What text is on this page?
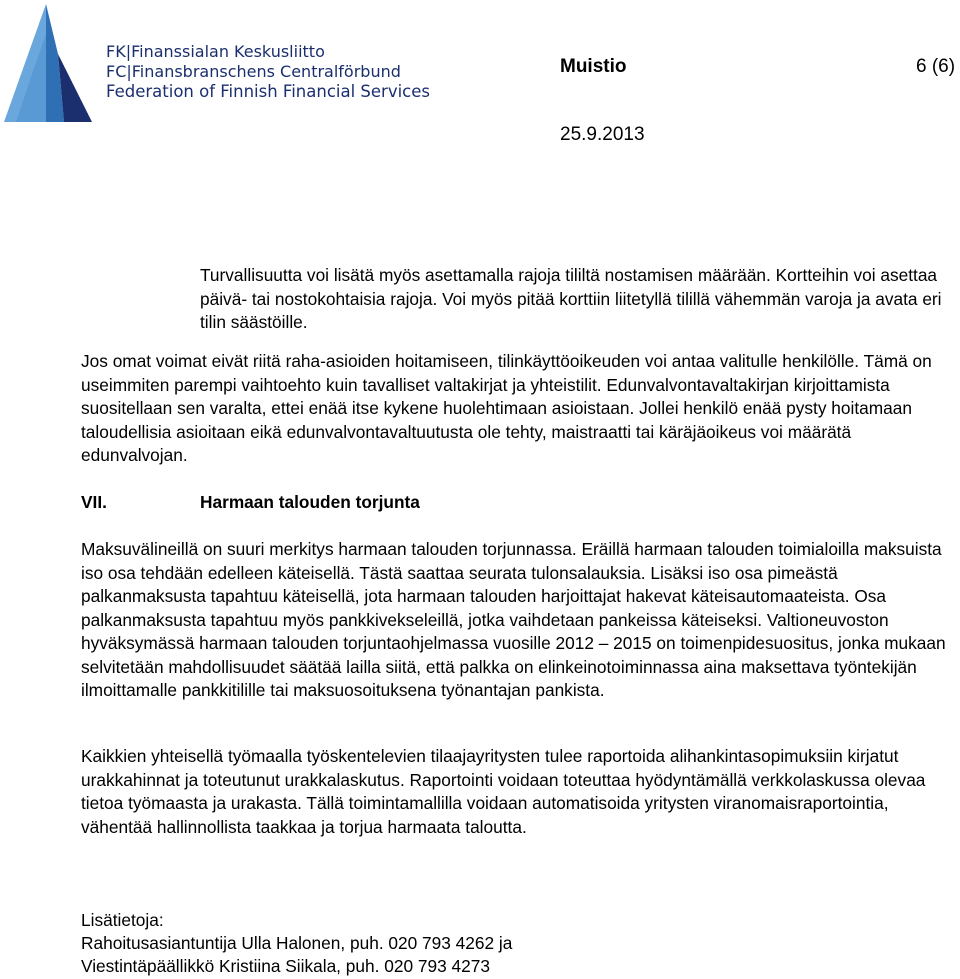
FK|Finanssialan Keskusliitto
FC|Finansbranschens Centralförbund
Federation of Finnish Financial Services
Muistio	6 (6)
25.9.2013

Turvallisuutta voi lisätä myös asettamalla rajoja tililtä nostamisen määrään. Kortteihin voi asettaa päivä- tai nostokohtaisia rajoja. Voi myös pitää korttiin liitetyllä tilillä vähemmän varoja ja avata eri tilin säästöille.

Jos omat voimat eivät riitä raha-asioiden hoitamiseen, tilinkäyttöoikeuden voi antaa valitulle henkilölle. Tämä on useimmiten parempi vaihtoehto kuin tavalliset valtakirjat ja yhteistilit. Edunvalvontavaltakirjan kirjoittamista suositellaan sen varalta, ettei enää itse kykene huolehtimaan asioistaan. Jollei henkilö enää pysty hoitamaan taloudellisia asioitaan eikä edunvalvontavaltuutusta ole tehty, maistraatti tai käräjäoikeus voi määrätä edunvalvojan.

VII.	Harmaan talouden torjunta

Maksuvälineillä on suuri merkitys harmaan talouden torjunnassa. Eräillä harmaan talouden toimialoilla maksuista iso osa tehdään edelleen käteisellä. Tästä saattaa seurata tulonsalauksia. Lisäksi iso osa pimeästä palkanmaksusta tapahtuu käteisellä, jota harmaan talouden harjoittajat hakevat käteisautomaateista. Osa palkanmaksusta tapahtuu myös pankkivekseleillä, jotka vaihdetaan pankeissa käteiseksi. Valtioneuvoston hyväksymässä harmaan talouden torjuntaohjelmassa vuosille 2012 – 2015 on toimenpidesuositus, jonka mukaan selvitetään mahdollisuudet säätää lailla siitä, että palkka on elinkeinotoiminnassa aina maksettava työntekijän ilmoittamalle pankkitilille tai maksuosoituksena työnantajan pankista.

Kaikkien yhteisellä työmaalla työskentelevien tilaajayritysten tulee raportoida alihankintasopimuksiin kirjatut urakkahinnat ja toteutunut urakkalaskutus. Raportointi voidaan toteuttaa hyödyntämällä verkkolaskussa olevaa tietoa työmaasta ja urakasta. Tällä toimintamallilla voidaan automatisoida yritysten viranomaisraportointia, vähentää hallinnollista taakkaa ja torjua harmaata taloutta.

Lisätietoja:
Rahoitusasiantuntija Ulla Halonen, puh. 020 793 4262 ja
Viestintäpäällikkö Kristiina Siikala, puh. 020 793 4273
